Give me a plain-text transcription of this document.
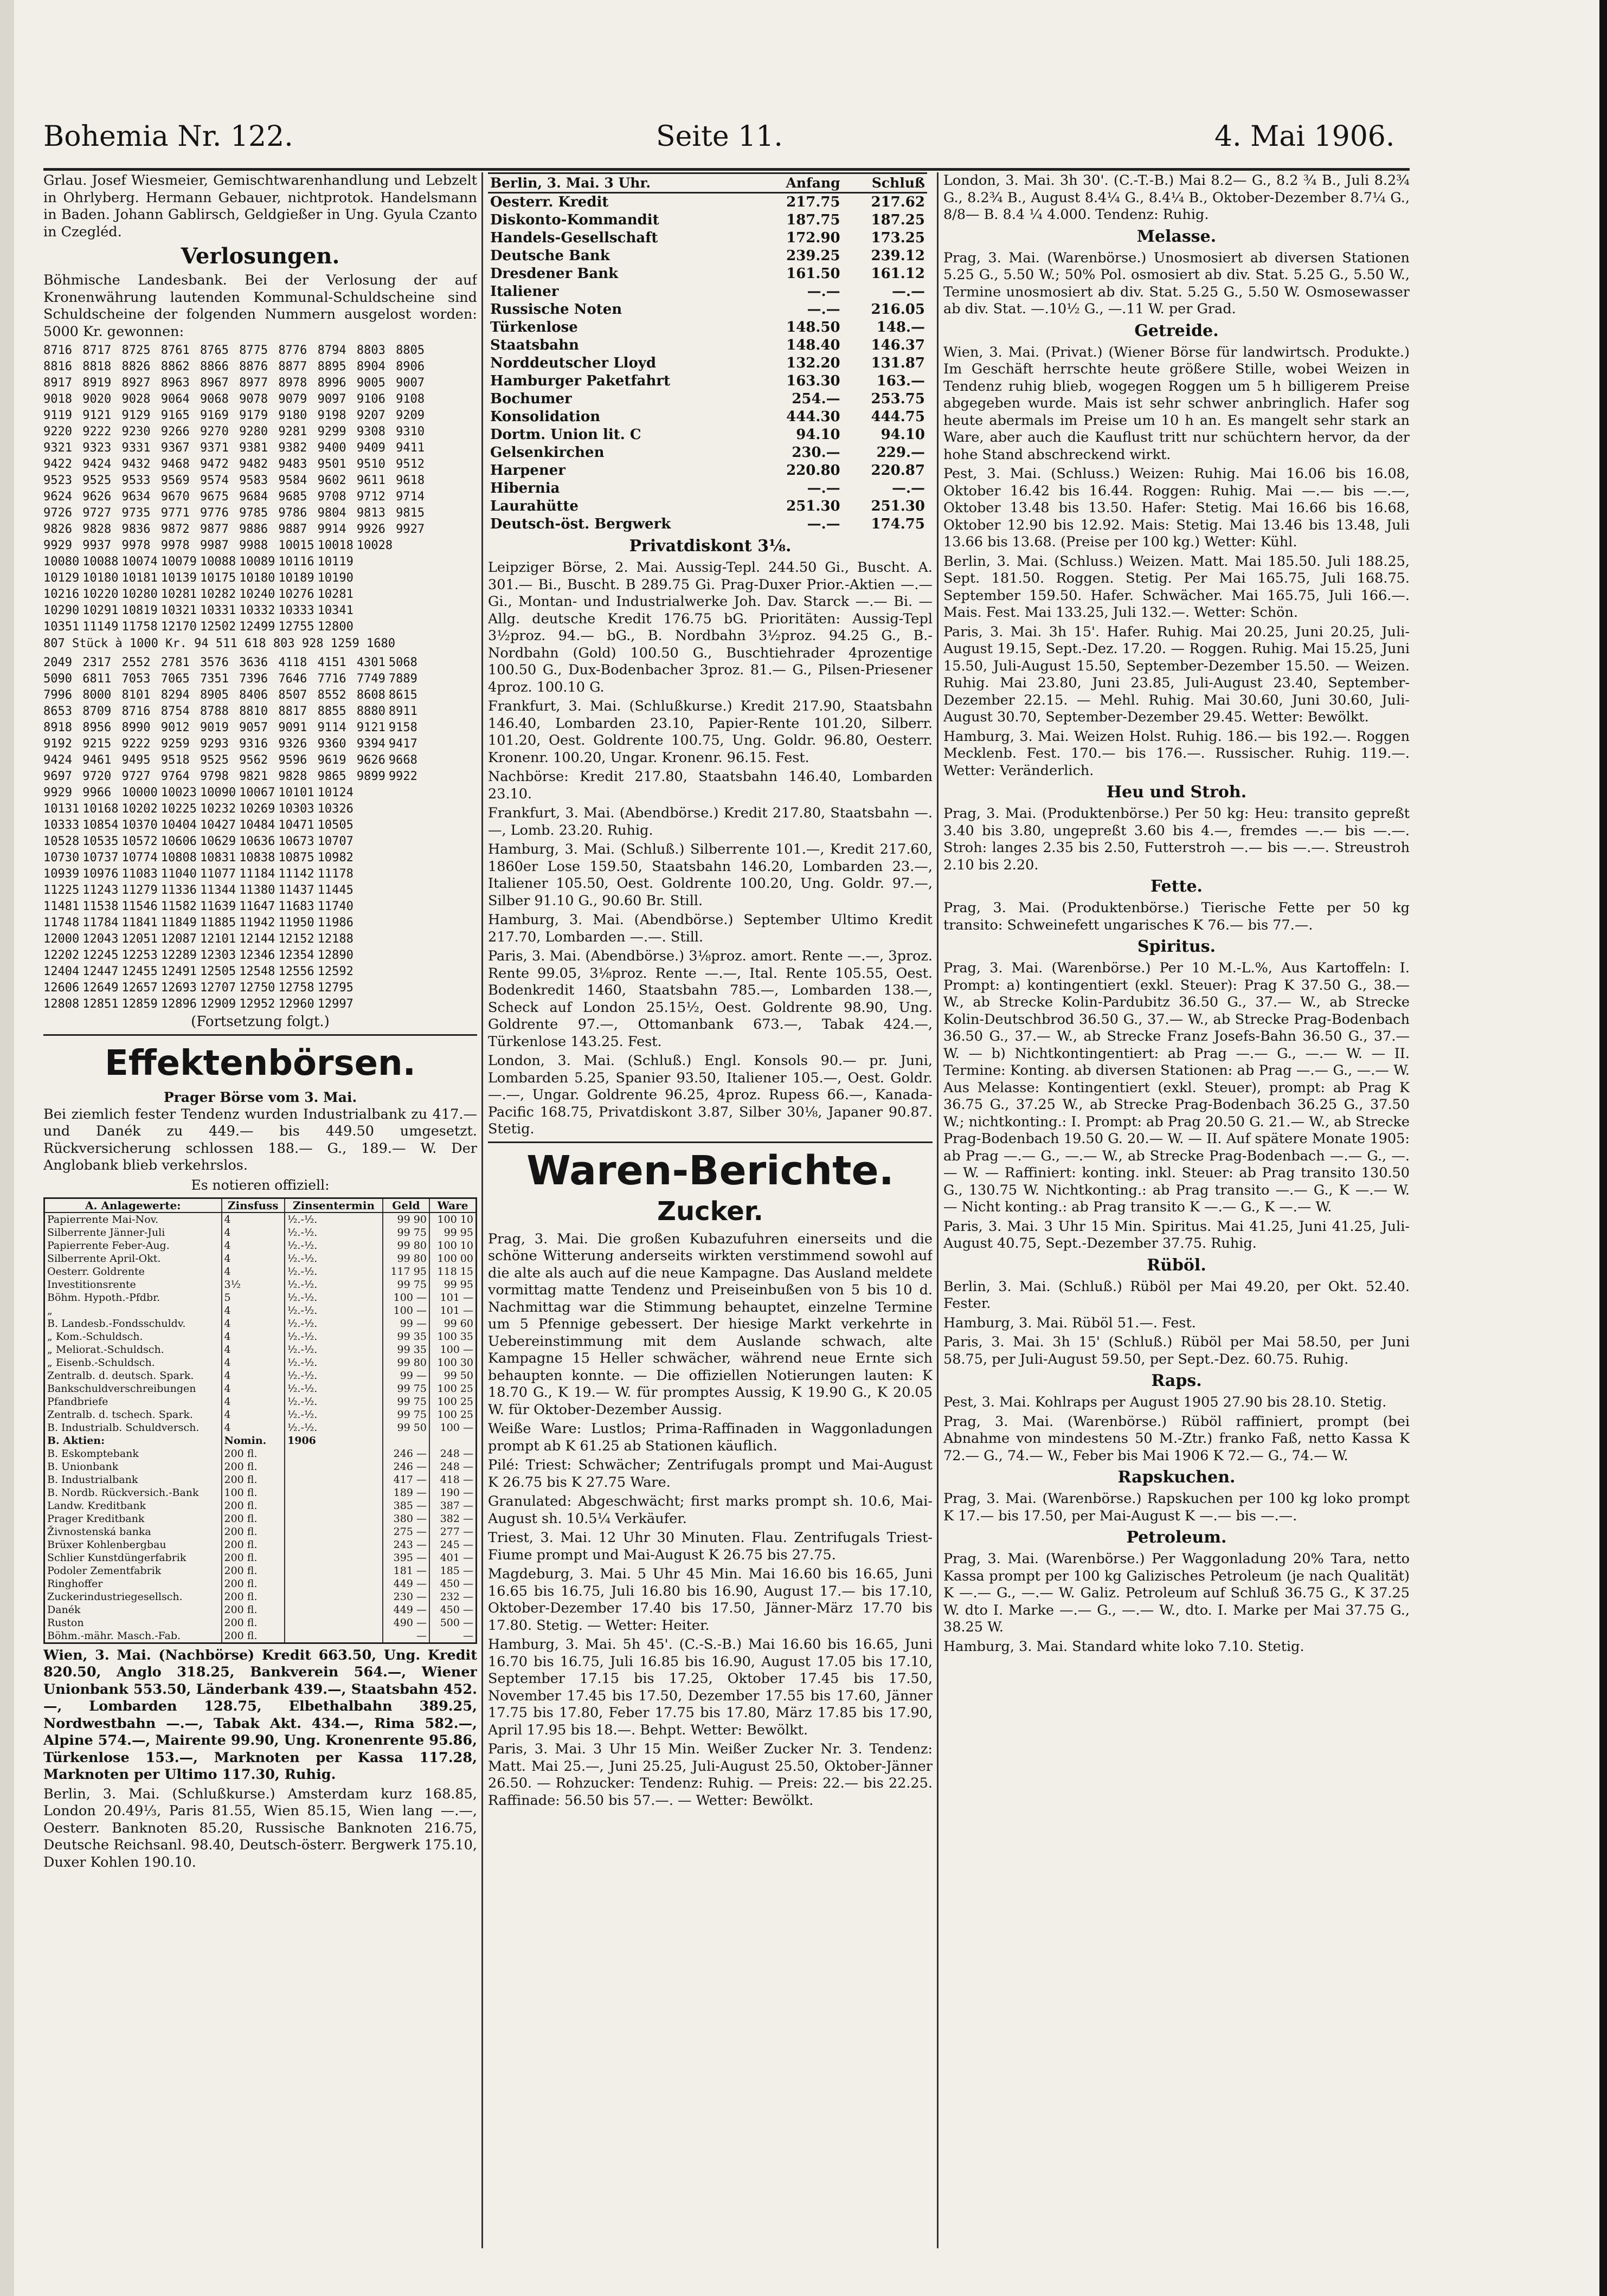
Bohemia Nr. 122.	Seite 11.	4. Mai 1906.

Grlau. Josef Wiesmeier, Gemischtwarenhandlung und Lebzelt in Ohrlyberg. Hermann Gebauer, nichtprotok. Handelsmann in Baden. Johann Gablirsch, Geldgießer in Ung. Gyula Czanto in Czegléd.

Verlosungen.

Böhmische Landesbank. Bei der Verlosung der auf Kronenwährung lautenden Kommunal-Schuldscheine sind Schuldscheine der folgenden Nummern ausgelost worden: 5000 Kr. gewonnen:

8716	8717	8725	8761	8765	8775	8776	8794	8803	8805
8816	8818	8826	8862	8866	8876	8877	8895	8904	8906
8917	8919	8927	8963	8967	8977	8978	8996	9005	9007
9018	9020	9028	9064	9068	9078	9079	9097	9106	9108
9119	9121	9129	9165	9169	9179	9180	9198	9207	9209
9220	9222	9230	9266	9270	9280	9281	9299	9308	9310
9321	9323	9331	9367	9371	9381	9382	9400	9409	9411
9422	9424	9432	9468	9472	9482	9483	9501	9510	9512
9523	9525	9533	9569	9574	9583	9584	9602	9611	9618
9624	9626	9634	9670	9675	9684	9685	9708	9712	9714
9726	9727	9735	9771	9776	9785	9786	9804	9813	9815
9826	9828	9836	9872	9877	9886	9887	9914	9926	9927
9929	9937	9978	9978	9987	9988	10015	10018	10028	
10080	10088	10074	10079	10088	10089	10116	10119		
10129	10180	10181	10139	10175	10180	10189	10190		
10216	10220	10280	10281	10282	10240	10276	10281		
10290	10291	10819	10321	10331	10332	10333	10341		
10351	11149	11758	12170	12502	12499	12755	12800		

807 Stück à 1000 Kr. 94 511 618 803 928 1259 1680

2049	2317	2552	2781	3576	3636	4118	4151	4301	5068
5090	6811	7053	7065	7351	7396	7646	7716	7749	7889
7996	8000	8101	8294	8905	8406	8507	8552	8608	8615
8653	8709	8716	8754	8788	8810	8817	8855	8880	8911
8918	8956	8990	9012	9019	9057	9091	9114	9121	9158
9192	9215	9222	9259	9293	9316	9326	9360	9394	9417
9424	9461	9495	9518	9525	9562	9596	9619	9626	9668
9697	9720	9727	9764	9798	9821	9828	9865	9899	9922
9929	9966	10000	10023	10090	10067	10101	10124		
10131	10168	10202	10225	10232	10269	10303	10326		
10333	10854	10370	10404	10427	10484	10471	10505		
10528	10535	10572	10606	10629	10636	10673	10707		
10730	10737	10774	10808	10831	10838	10875	10982		
10939	10976	11083	11040	11077	11184	11142	11178		
11225	11243	11279	11336	11344	11380	11437	11445		
11481	11538	11546	11582	11639	11647	11683	11740		
11748	11784	11841	11849	11885	11942	11950	11986		
12000	12043	12051	12087	12101	12144	12152	12188		
12202	12245	12253	12289	12303	12346	12354	12890		
12404	12447	12455	12491	12505	12548	12556	12592		
12606	12649	12657	12693	12707	12750	12758	12795		
12808	12851	12859	12896	12909	12952	12960	12997		
(Fortsetzung folgt.)
Effektenbörsen.
Prager Börse vom 3. Mai.

Bei ziemlich fester Tendenz wurden Industrialbank zu 417.— und Danék zu 449.— bis 449.50 umgesetzt. Rückversicherung schlossen 188.— G., 189.— W. Der Anglobank blieb verkehrslos.

Es notieren offiziell:
A. Anlagewerte:	Zinsfuss	Zinsentermin	Geld	Ware
Papierrente Mai-Nov.	4	½.-½.	99 90	100 10
Silberrente Jänner-Juli	4	½.-½.	99 75	99 95
Papierrente Feber-Aug.	4	½.-½.	99 80	100 10
Silberrente April-Okt.	4	½.-½.	99 80	100 00
Oesterr. Goldrente	4	½.-½.	117 95	118 15
Investitionsrente	3½	½.-½.	99 75	99 95
Böhm. Hypoth.-Pfdbr.	5	½.-½.	100 —	101 —
„	4	½.-½.	100 —	101 —
B. Landesb.-Fondsschuldv.	4	½.-½.	99 —	99 60
„ Kom.-Schuldsch.	4	½.-½.	99 35	100 35
„ Meliorat.-Schuldsch.	4	½.-½.	99 35	100 —
„ Eisenb.-Schuldsch.	4	½.-½.	99 80	100 30
Zentralb. d. deutsch. Spark.	4	½.-½.	99 —	99 50
Bankschuldverschreibungen	4	½.-½.	99 75	100 25
Pfandbriefe	4	½.-½.	99 75	100 25
Zentralb. d. tschech. Spark.	4	½.-½.	99 75	100 25
B. Industrialb. Schuldversch.	4	½.-½.	99 50	100 —
B. Aktien:	Nomin.	1906		
B. Eskomptebank	200 fl.		246 —	248 —
B. Unionbank	200 fl.		246 —	248 —
B. Industrialbank	200 fl.		417 —	418 —
B. Nordb. Rückversich.-Bank	100 fl.		189 —	190 —
Landw. Kreditbank	200 fl.		385 —	387 —
Prager Kreditbank	200 fl.		380 —	382 —
Živnostenská banka	200 fl.		275 —	277 —
Brüxer Kohlenbergbau	200 fl.		243 —	245 —
Schlier Kunstdüngerfabrik	200 fl.		395 —	401 —
Podoler Zementfabrik	200 fl.		181 —	185 —
Ringhoffer	200 fl.		449 —	450 —
Zuckerindustriegesellsch.	200 fl.		230 —	232 —
Danék	200 fl.		449 —	450 —
Ruston	200 fl.		490 —	500 —
Böhm.-mähr. Masch.-Fab.	200 fl.		—	—

Wien, 3. Mai. (Nachbörse) Kredit 663.50, Ung. Kredit 820.50, Anglo 318.25, Bankverein 564.—, Wiener Unionbank 553.50, Länderbank 439.—, Staatsbahn 452.—, Lombarden 128.75, Elbethalbahn 389.25, Nordwestbahn —.—, Tabak Akt. 434.—, Rima 582.—, Alpine 574.—, Mairente 99.90, Ung. Kronenrente 95.86, Türkenlose 153.—, Marknoten per Kassa 117.28, Marknoten per Ultimo 117.30, Ruhig.

Berlin, 3. Mai. (Schlußkurse.) Amsterdam kurz 168.85, London 20.49⅓, Paris 81.55, Wien 85.15, Wien lang —.—, Oesterr. Banknoten 85.20, Russische Banknoten 216.75, Deutsche Reichsanl. 98.40, Deutsch-österr. Bergwerk 175.10, Duxer Kohlen 190.10.

Berlin, 3. Mai. 3 Uhr.	Anfang	Schluß
Oesterr. Kredit	217.75	217.62
Diskonto-Kommandit	187.75	187.25
Handels-Gesellschaft	172.90	173.25
Deutsche Bank	239.25	239.12
Dresdener Bank	161.50	161.12
Italiener	—.—	—.—
Russische Noten	—.—	216.05
Türkenlose	148.50	148.—
Staatsbahn	148.40	146.37
Norddeutscher Lloyd	132.20	131.87
Hamburger Paketfahrt	163.30	163.—
Bochumer	254.—	253.75
Konsolidation	444.30	444.75
Dortm. Union lit. C	94.10	94.10
Gelsenkirchen	230.—	229.—
Harpener	220.80	220.87
Hibernia	—.—	—.—
Laurahütte	251.30	251.30
Deutsch-öst. Bergwerk	—.—	174.75
Privatdiskont 3⅛.

Leipziger Börse, 2. Mai. Aussig-Tepl. 244.50 Gi., Buscht. A. 301.— Bi., Buscht. B 289.75 Gi. Prag-Duxer Prior.-Aktien —.— Gi., Montan- und Industrialwerke Joh. Dav. Starck —.— Bi. — Allg. deutsche Kredit 176.75 bG. Prioritäten: Aussig-Tepl 3½proz. 94.— bG., B. Nordbahn 3½proz. 94.25 G., B.-Nordbahn (Gold) 100.50 G., Buschtiehrader 4prozentige 100.50 G., Dux-Bodenbacher 3proz. 81.— G., Pilsen-Priesener 4proz. 100.10 G.

Frankfurt, 3. Mai. (Schlußkurse.) Kredit 217.90, Staatsbahn 146.40, Lombarden 23.10, Papier-Rente 101.20, Silberr. 101.20, Oest. Goldrente 100.75, Ung. Goldr. 96.80, Oesterr. Kronenr. 100.20, Ungar. Kronenr. 96.15. Fest.

Nachbörse: Kredit 217.80, Staatsbahn 146.40, Lombarden 23.10.

Frankfurt, 3. Mai. (Abendbörse.) Kredit 217.80, Staatsbahn —.—, Lomb. 23.20. Ruhig.

Hamburg, 3. Mai. (Schluß.) Silberrente 101.—, Kredit 217.60, 1860er Lose 159.50, Staatsbahn 146.20, Lombarden 23.—, Italiener 105.50, Oest. Goldrente 100.20, Ung. Goldr. 97.—, Silber 91.10 G., 90.60 Br. Still.

Hamburg, 3. Mai. (Abendbörse.) September Ultimo Kredit 217.70, Lombarden —.—. Still.

Paris, 3. Mai. (Abendbörse.) 3⅛proz. amort. Rente —.—, 3proz. Rente 99.05, 3⅛proz. Rente —.—, Ital. Rente 105.55, Oest. Bodenkredit 1460, Staatsbahn 785.—, Lombarden 138.—, Scheck auf London 25.15½, Oest. Goldrente 98.90, Ung. Goldrente 97.—, Ottomanbank 673.—, Tabak 424.—, Türkenlose 143.25. Fest.

London, 3. Mai. (Schluß.) Engl. Konsols 90.— pr. Juni, Lombarden 5.25, Spanier 93.50, Italiener 105.—, Oest. Goldr. —.—, Ungar. Goldrente 96.25, 4proz. Rupess 66.—, Kanada-Pacific 168.75, Privatdiskont 3.87, Silber 30⅛, Japaner 90.87. Stetig.

Waren-Berichte.
Zucker.

Prag, 3. Mai. Die großen Kubazufuhren einerseits und die schöne Witterung anderseits wirkten verstimmend sowohl auf die alte als auch auf die neue Kampagne. Das Ausland meldete vormittag matte Tendenz und Preiseinbußen von 5 bis 10 d. Nachmittag war die Stimmung behauptet, einzelne Termine um 5 Pfennige gebessert. Der hiesige Markt verkehrte in Uebereinstimmung mit dem Auslande schwach, alte Kampagne 15 Heller schwächer, während neue Ernte sich behaupten konnte. — Die offiziellen Notierungen lauten: K 18.70 G., K 19.— W. für promptes Aussig, K 19.90 G., K 20.05 W. für Oktober-Dezember Aussig.

Weiße Ware: Lustlos; Prima-Raffinaden in Waggonladungen prompt ab K 61.25 ab Stationen käuflich.

Pilé: Triest: Schwächer; Zentrifugals prompt und Mai-August K 26.75 bis K 27.75 Ware.

Granulated: Abgeschwächt; first marks prompt sh. 10.6, Mai-August sh. 10.5¼ Verkäufer.

Triest, 3. Mai. 12 Uhr 30 Minuten. Flau. Zentrifugals Triest-Fiume prompt und Mai-August K 26.75 bis 27.75.

Magdeburg, 3. Mai. 5 Uhr 45 Min. Mai 16.60 bis 16.65, Juni 16.65 bis 16.75, Juli 16.80 bis 16.90, August 17.— bis 17.10, Oktober-Dezember 17.40 bis 17.50, Jänner-März 17.70 bis 17.80. Stetig. — Wetter: Heiter.

Hamburg, 3. Mai. 5h 45'. (C.-S.-B.) Mai 16.60 bis 16.65, Juni 16.70 bis 16.75, Juli 16.85 bis 16.90, August 17.05 bis 17.10, September 17.15 bis 17.25, Oktober 17.45 bis 17.50, November 17.45 bis 17.50, Dezember 17.55 bis 17.60, Jänner 17.75 bis 17.80, Feber 17.75 bis 17.80, März 17.85 bis 17.90, April 17.95 bis 18.—. Behpt. Wetter: Bewölkt.

Paris, 3. Mai. 3 Uhr 15 Min. Weißer Zucker Nr. 3. Tendenz: Matt. Mai 25.—, Juni 25.25, Juli-August 25.50, Oktober-Jänner 26.50. — Rohzucker: Tendenz: Ruhig. — Preis: 22.— bis 22.25. Raffinade: 56.50 bis 57.—. — Wetter: Bewölkt.

London, 3. Mai. 3h 30'. (C.-T.-B.) Mai 8.2— G., 8.2 ¾ B., Juli 8.2¾ G., 8.2¾ B., August 8.4¼ G., 8.4¼ B., Oktober-Dezember 8.7¼ G., 8/8— B. 8.4 ¼ 4.000. Tendenz: Ruhig.

Melasse.

Prag, 3. Mai. (Warenbörse.) Unosmosiert ab diversen Stationen 5.25 G., 5.50 W.; 50% Pol. osmosiert ab div. Stat. 5.25 G., 5.50 W., Termine unosmosiert ab div. Stat. 5.25 G., 5.50 W. Osmosewasser ab div. Stat. —.10½ G., —.11 W. per Grad.

Getreide.

Wien, 3. Mai. (Privat.) (Wiener Börse für landwirtsch. Produkte.) Im Geschäft herrschte heute größere Stille, wobei Weizen in Tendenz ruhig blieb, wogegen Roggen um 5 h billigerem Preise abgegeben wurde. Mais ist sehr schwer anbringlich. Hafer sog heute abermals im Preise um 10 h an. Es mangelt sehr stark an Ware, aber auch die Kauflust tritt nur schüchtern hervor, da der hohe Stand abschreckend wirkt.

Pest, 3. Mai. (Schluss.) Weizen: Ruhig. Mai 16.06 bis 16.08, Oktober 16.42 bis 16.44. Roggen: Ruhig. Mai —.— bis —.—, Oktober 13.48 bis 13.50. Hafer: Stetig. Mai 16.66 bis 16.68, Oktober 12.90 bis 12.92. Mais: Stetig. Mai 13.46 bis 13.48, Juli 13.66 bis 13.68. (Preise per 100 kg.) Wetter: Kühl.

Berlin, 3. Mai. (Schluss.) Weizen. Matt. Mai 185.50. Juli 188.25, Sept. 181.50. Roggen. Stetig. Per Mai 165.75, Juli 168.75. September 159.50. Hafer. Schwächer. Mai 165.75, Juli 166.—. Mais. Fest. Mai 133.25, Juli 132.—. Wetter: Schön.

Paris, 3. Mai. 3h 15'. Hafer. Ruhig. Mai 20.25, Juni 20.25, Juli-August 19.15, Sept.-Dez. 17.20. — Roggen. Ruhig. Mai 15.25, Juni 15.50, Juli-August 15.50, September-Dezember 15.50. — Weizen. Ruhig. Mai 23.80, Juni 23.85, Juli-August 23.40, September-Dezember 22.15. — Mehl. Ruhig. Mai 30.60, Juni 30.60, Juli-August 30.70, September-Dezember 29.45. Wetter: Bewölkt.

Hamburg, 3. Mai. Weizen Holst. Ruhig. 186.— bis 192.—. Roggen Mecklenb. Fest. 170.— bis 176.—. Russischer. Ruhig. 119.—. Wetter: Veränderlich.

Heu und Stroh.

Prag, 3. Mai. (Produktenbörse.) Per 50 kg: Heu: transito gepreßt 3.40 bis 3.80, ungepreßt 3.60 bis 4.—, fremdes —.— bis —.—. Stroh: langes 2.35 bis 2.50, Futterstroh —.— bis —.—. Streustroh 2.10 bis 2.20.

Fette.

Prag, 3. Mai. (Produktenbörse.) Tierische Fette per 50 kg transito: Schweinefett ungarisches K 76.— bis 77.—.

Spiritus.

Prag, 3. Mai. (Warenbörse.) Per 10 M.-L.%, Aus Kartoffeln: I. Prompt: a) kontingentiert (exkl. Steuer): Prag K 37.50 G., 38.— W., ab Strecke Kolin-Pardubitz 36.50 G., 37.— W., ab Strecke Kolin-Deutschbrod 36.50 G., 37.— W., ab Strecke Prag-Bodenbach 36.50 G., 37.— W., ab Strecke Franz Josefs-Bahn 36.50 G., 37.— W. — b) Nichtkontingentiert: ab Prag —.— G., —.— W. — II. Termine: Konting. ab diversen Stationen: ab Prag —.— G., —.— W. Aus Melasse: Kontingentiert (exkl. Steuer), prompt: ab Prag K 36.75 G., 37.25 W., ab Strecke Prag-Bodenbach 36.25 G., 37.50 W.; nichtkonting.: I. Prompt: ab Prag 20.50 G. 21.— W., ab Strecke Prag-Bodenbach 19.50 G. 20.— W. — II. Auf spätere Monate 1905: ab Prag —.— G., —.— W., ab Strecke Prag-Bodenbach —.— G., —.— W. — Raffiniert: konting. inkl. Steuer: ab Prag transito 130.50 G., 130.75 W. Nichtkonting.: ab Prag transito —.— G., K —.— W. — Nicht konting.: ab Prag transito K —.— G., K —.— W.

Paris, 3. Mai. 3 Uhr 15 Min. Spiritus. Mai 41.25, Juni 41.25, Juli-August 40.75, Sept.-Dezember 37.75. Ruhig.

Rüböl.

Berlin, 3. Mai. (Schluß.) Rüböl per Mai 49.20, per Okt. 52.40. Fester.

Hamburg, 3. Mai. Rüböl 51.—. Fest.

Paris, 3. Mai. 3h 15' (Schluß.) Rüböl per Mai 58.50, per Juni 58.75, per Juli-August 59.50, per Sept.-Dez. 60.75. Ruhig.

Raps.

Pest, 3. Mai. Kohlraps per August 1905 27.90 bis 28.10. Stetig.

Prag, 3. Mai. (Warenbörse.) Rüböl raffiniert, prompt (bei Abnahme von mindestens 50 M.-Ztr.) franko Faß, netto Kassa K 72.— G., 74.— W., Feber bis Mai 1906 K 72.— G., 74.— W.

Rapskuchen.

Prag, 3. Mai. (Warenbörse.) Rapskuchen per 100 kg loko prompt K 17.— bis 17.50, per Mai-August K —.— bis —.—.

Petroleum.

Prag, 3. Mai. (Warenbörse.) Per Waggonladung 20% Tara, netto Kassa prompt per 100 kg Galizisches Petroleum (je nach Qualität) K —.— G., —.— W. Galiz. Petroleum auf Schluß 36.75 G., K 37.25 W. dto I. Marke —.— G., —.— W., dto. I. Marke per Mai 37.75 G., 38.25 W.

Hamburg, 3. Mai. Standard white loko 7.10. Stetig.
